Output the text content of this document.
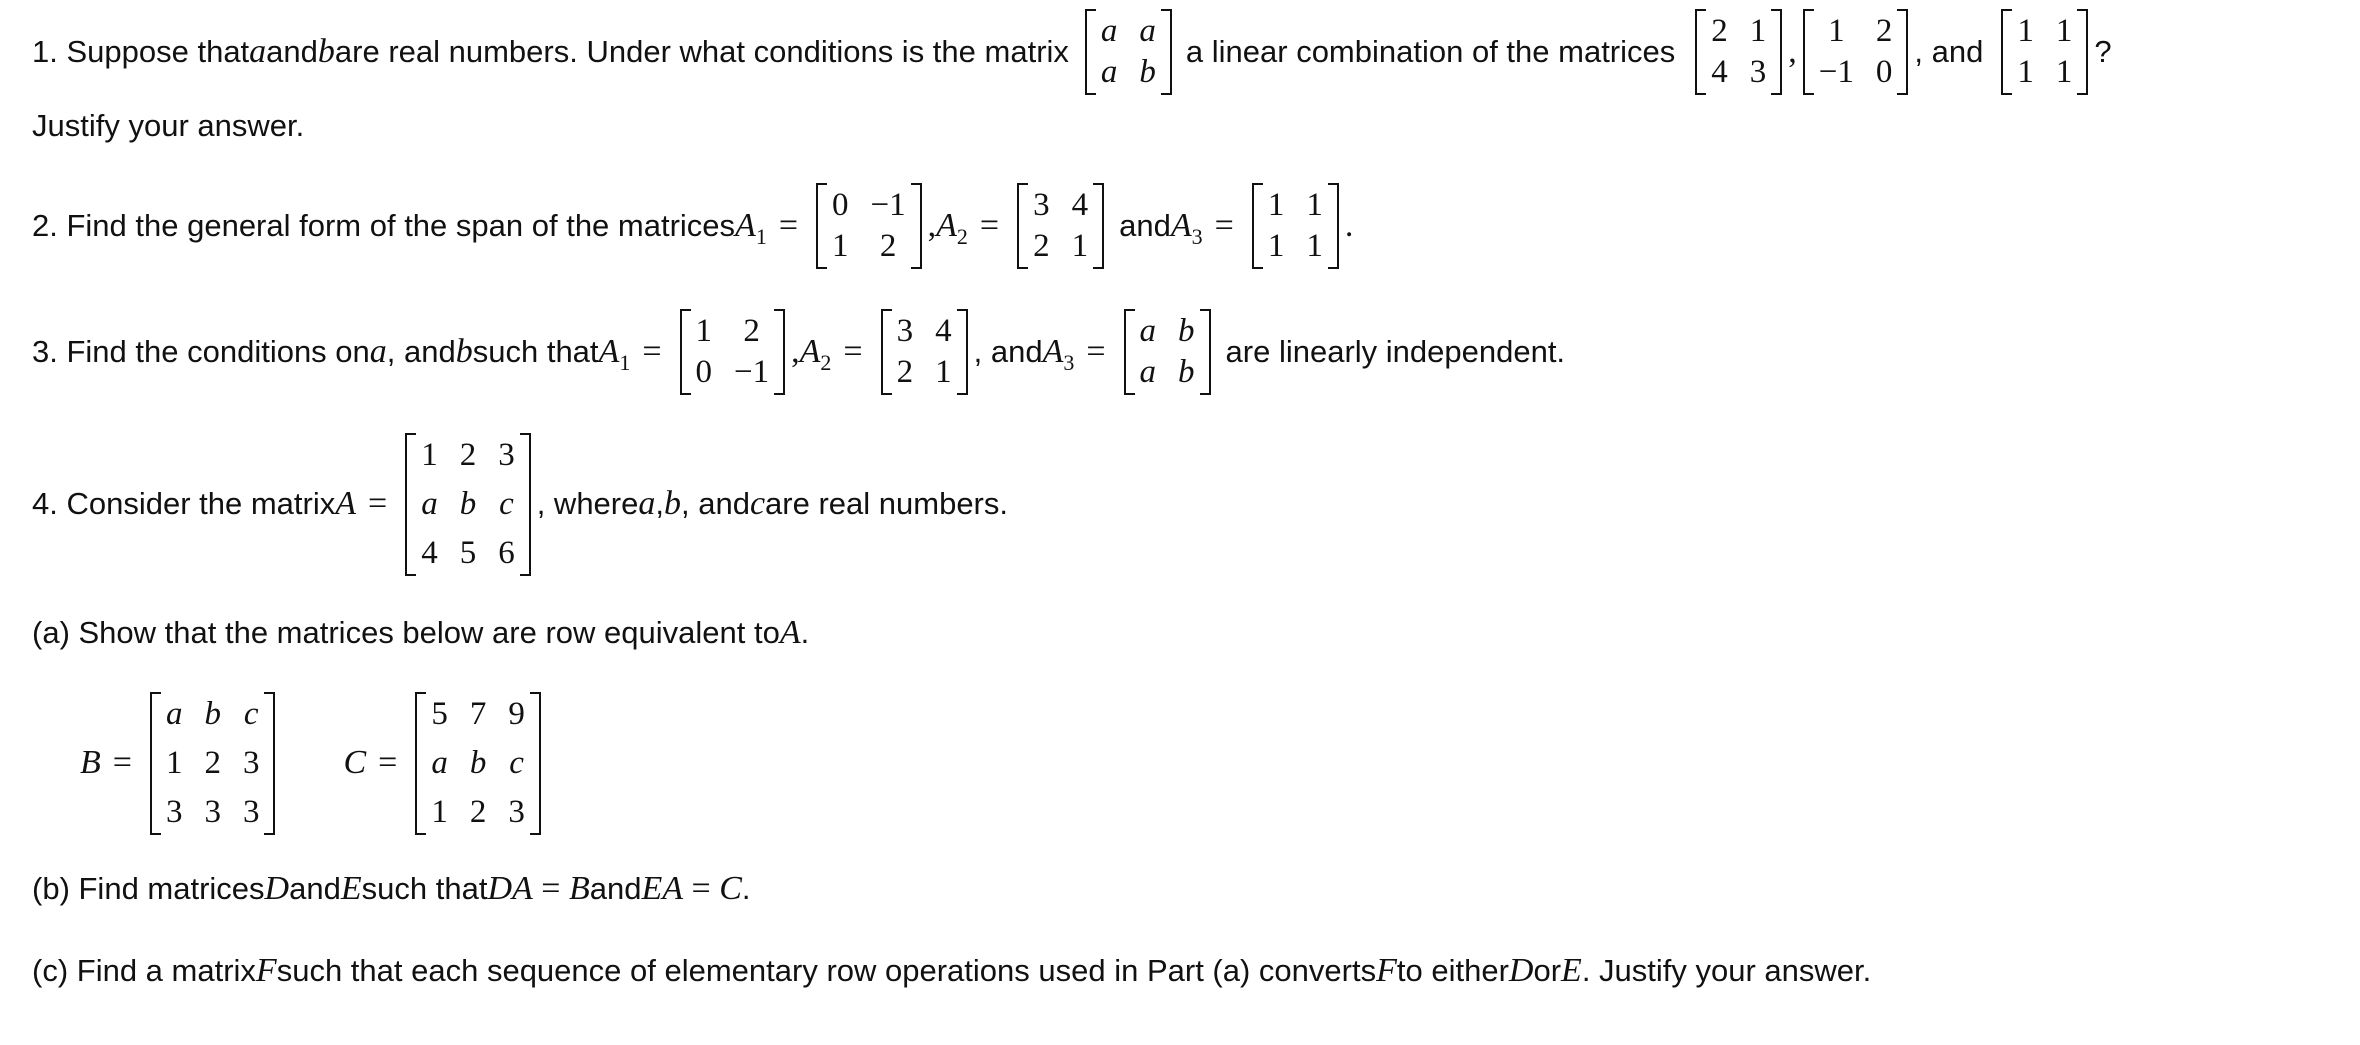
1. Suppose that a and b are real numbers. Under what conditions is the matrix
a a
a b
a linear combination of the matrices
2 1
4 3
,
1 2
−1 0
, and
1 1
1 1
?
Justify your answer.
2. Find the general form of the span of the matrices $A_1$ =
0 −1
1 2
, $A_2$ =
3 4
2 1
and $A_3$ =
1 1
1 1
.
3. Find the conditions on a , and b such that $A_1$ =
1 2
0 −1
, $A_2$ =
3 4
2 1
, and $A_3$ =
a b
a b
are linearly independent.
4. Consider the matrix A =
1 2 3
a b c
4 5 6
, where a , b , and c are real numbers.
(a) Show that the matrices below are row equivalent to A .
B =
a b c
1 2 3
3 3 3
C =
5 7 9
a b c
1 2 3
(b) Find matrices D and E such that DA = B and EA = C .
(c) Find a matrix F such that each sequence of elementary row operations used in Part (a) converts F to either D or E . Justify your answer.
